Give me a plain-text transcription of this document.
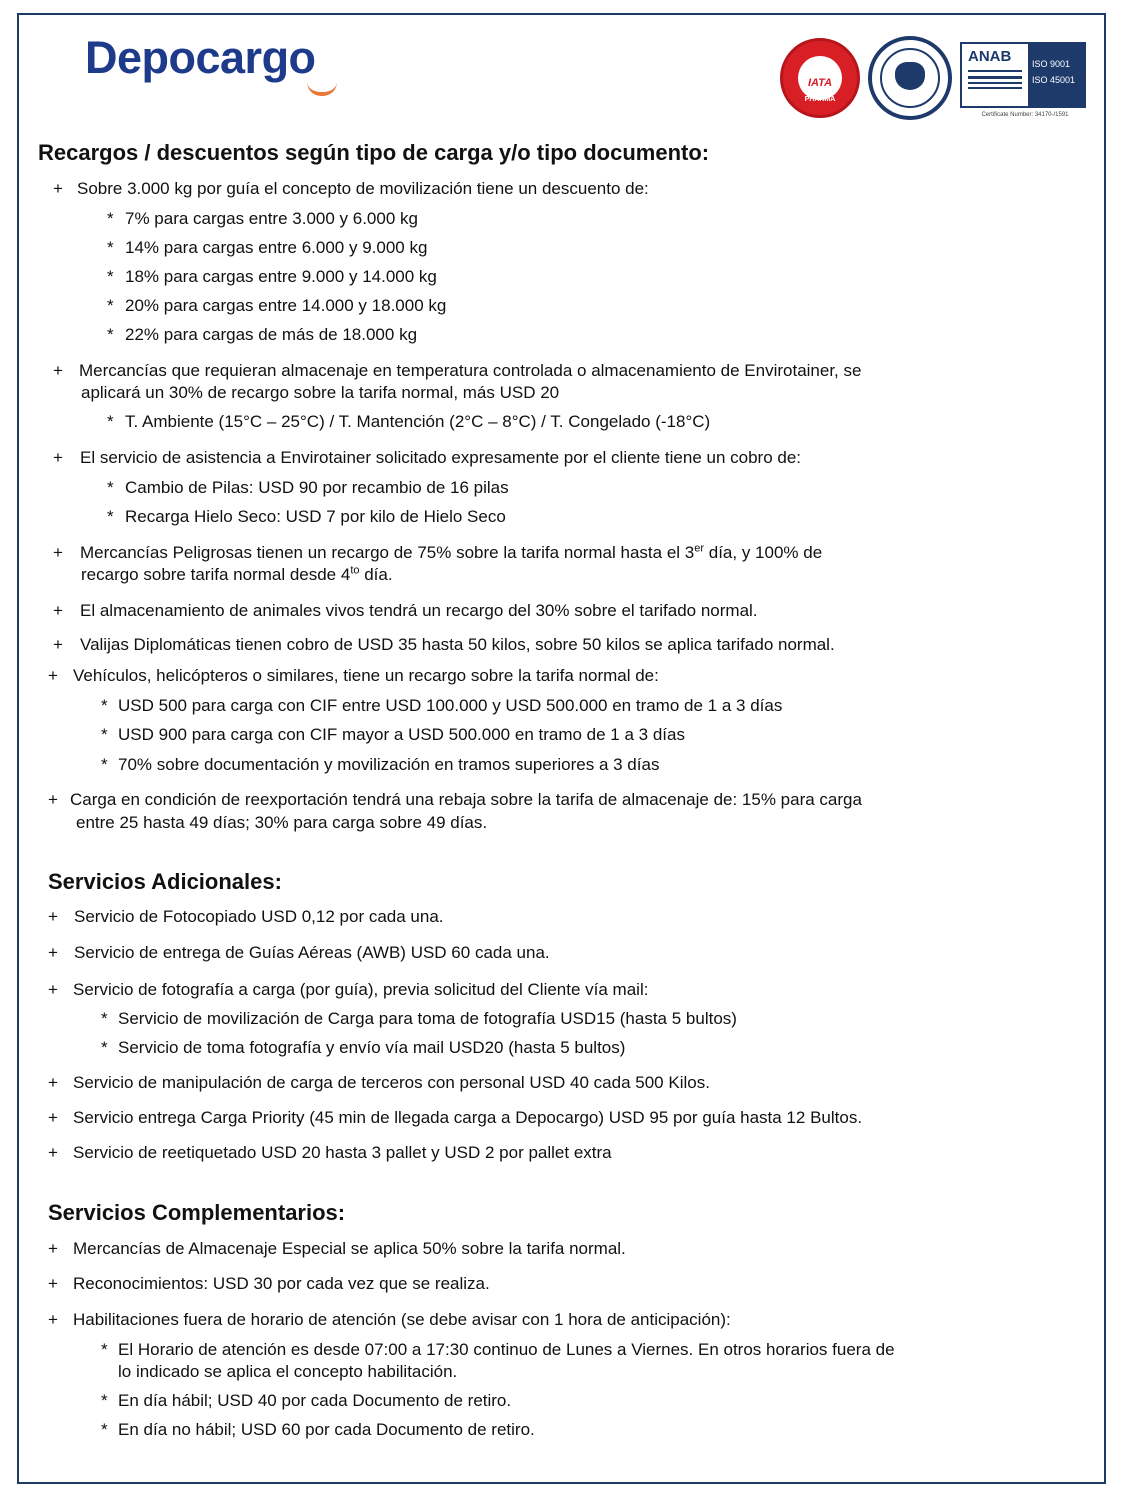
Depocargo	IATA
PHARMA
ANAB ISO 9001
ISO 45001
Certificate Number: 34170-/1591
Recargos / descuentos según tipo de carga y/o tipo documento:
+ Sobre 3.000 kg por guía el concepto de movilización tiene un descuento de:
* 7% para cargas entre 3.000 y 6.000 kg
* 14% para cargas entre 6.000 y 9.000 kg
* 18% para cargas entre 9.000 y 14.000 kg
* 20% para cargas entre 14.000 y 18.000 kg
* 22% para cargas de más de 18.000 kg
+ Mercancías que requieran almacenaje en temperatura controlada o almacenamiento de Envirotainer, se
aplicará un 30% de recargo sobre la tarifa normal, más USD 20
* T. Ambiente (15°C – 25°C) / T. Mantención (2°C – 8°C) / T. Congelado (-18°C)
+ El servicio de asistencia a Envirotainer solicitado expresamente por el cliente tiene un cobro de:
* Cambio de Pilas: USD 90 por recambio de 16 pilas
* Recarga Hielo Seco: USD 7 por kilo de Hielo Seco
+	Mercancías Peligrosas tienen un recargo de 75% sobre la tarifa normal hasta el 3er día, y 100% de
recargo sobre tarifa normal desde $4^{to}$ día.
+ El almacenamiento de animales vivos tendrá un recargo del 30% sobre el tarifado normal.
+ Valijas Diplomáticas tienen cobro de USD 35 hasta 50 kilos, sobre 50 kilos se aplica tarifado normal.
+ Vehículos, helicópteros o similares, tiene un recargo sobre la tarifa normal de:
* USD 500 para carga con CIF entre USD 100.000 y USD 500.000 en tramo de 1 a 3 días
* USD 900 para carga con CIF mayor a USD 500.000 en tramo de 1 a 3 días
* 70% sobre documentación y movilización en tramos superiores a 3 días
+ Carga en condición de reexportación tendrá una rebaja sobre la tarifa de almacenaje de: 15% para carga
entre 25 hasta 49 días; 30% para carga sobre 49 días.
Servicios Adicionales:
+ Servicio de Fotocopiado USD 0,12 por cada una.
+ Servicio de entrega de Guías Aéreas (AWB) USD 60 cada una.
+ Servicio de fotografía a carga (por guía), previa solicitud del Cliente vía mail:
* Servicio de movilización de Carga para toma de fotografía USD15 (hasta 5 bultos)
* Servicio de toma fotografía y envío vía mail USD20 (hasta 5 bultos)
+ Servicio de manipulación de carga de terceros con personal USD 40 cada 500 Kilos.
+ Servicio entrega Carga Priority (45 min de llegada carga a Depocargo) USD 95 por guía hasta 12 Bultos.
+ Servicio de reetiquetado USD 20 hasta 3 pallet y USD 2 por pallet extra
Servicios Complementarios:
+ Mercancías de Almacenaje Especial se aplica 50% sobre la tarifa normal.
+ Reconocimientos: USD 30 por cada vez que se realiza.
+ Habilitaciones fuera de horario de atención (se debe avisar con 1 hora de anticipación):
* El Horario de atención es desde 07:00 a 17:30 continuo de Lunes a Viernes. En otros horarios fuera de
lo indicado se aplica el concepto habilitación.
* En día hábil; USD 40 por cada Documento de retiro.
* En día no hábil; USD 60 por cada Documento de retiro.
